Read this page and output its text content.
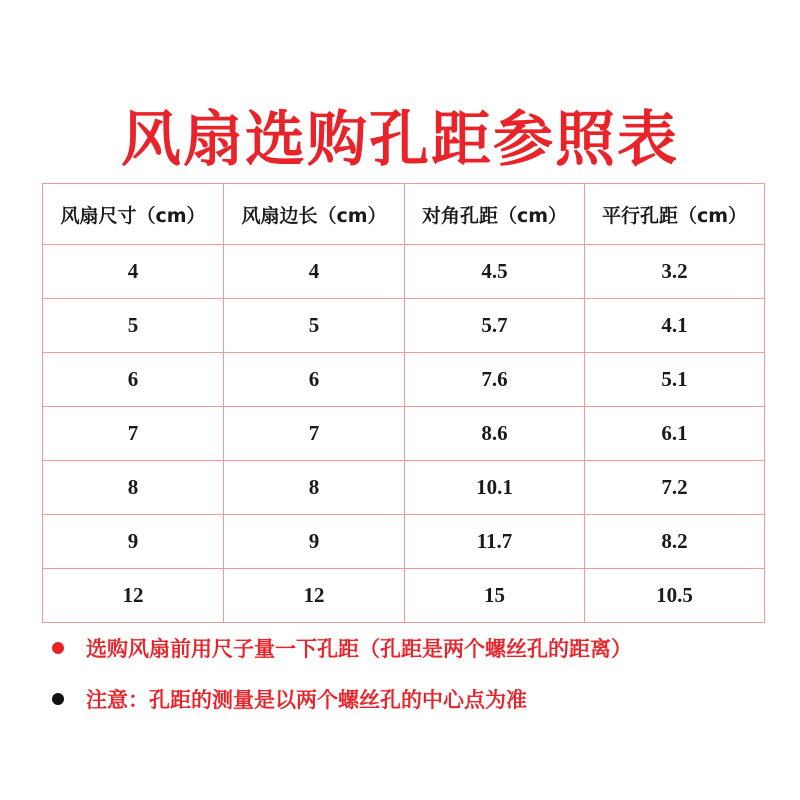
风扇选购孔距参照表
风扇尺寸（cm）	风扇边长（cm）	对角孔距（cm）	平行孔距（cm）
4	4	4.5	3.2
5	5	5.7	4.1
6	6	7.6	5.1
7	7	8.6	6.1
8	8	10.1	7.2
9	9	11.7	8.2
12	12	15	10.5
选购风扇前用尺子量一下孔距（孔距是两个螺丝孔的距离）
注意：孔距的测量是以两个螺丝孔的中心点为准
